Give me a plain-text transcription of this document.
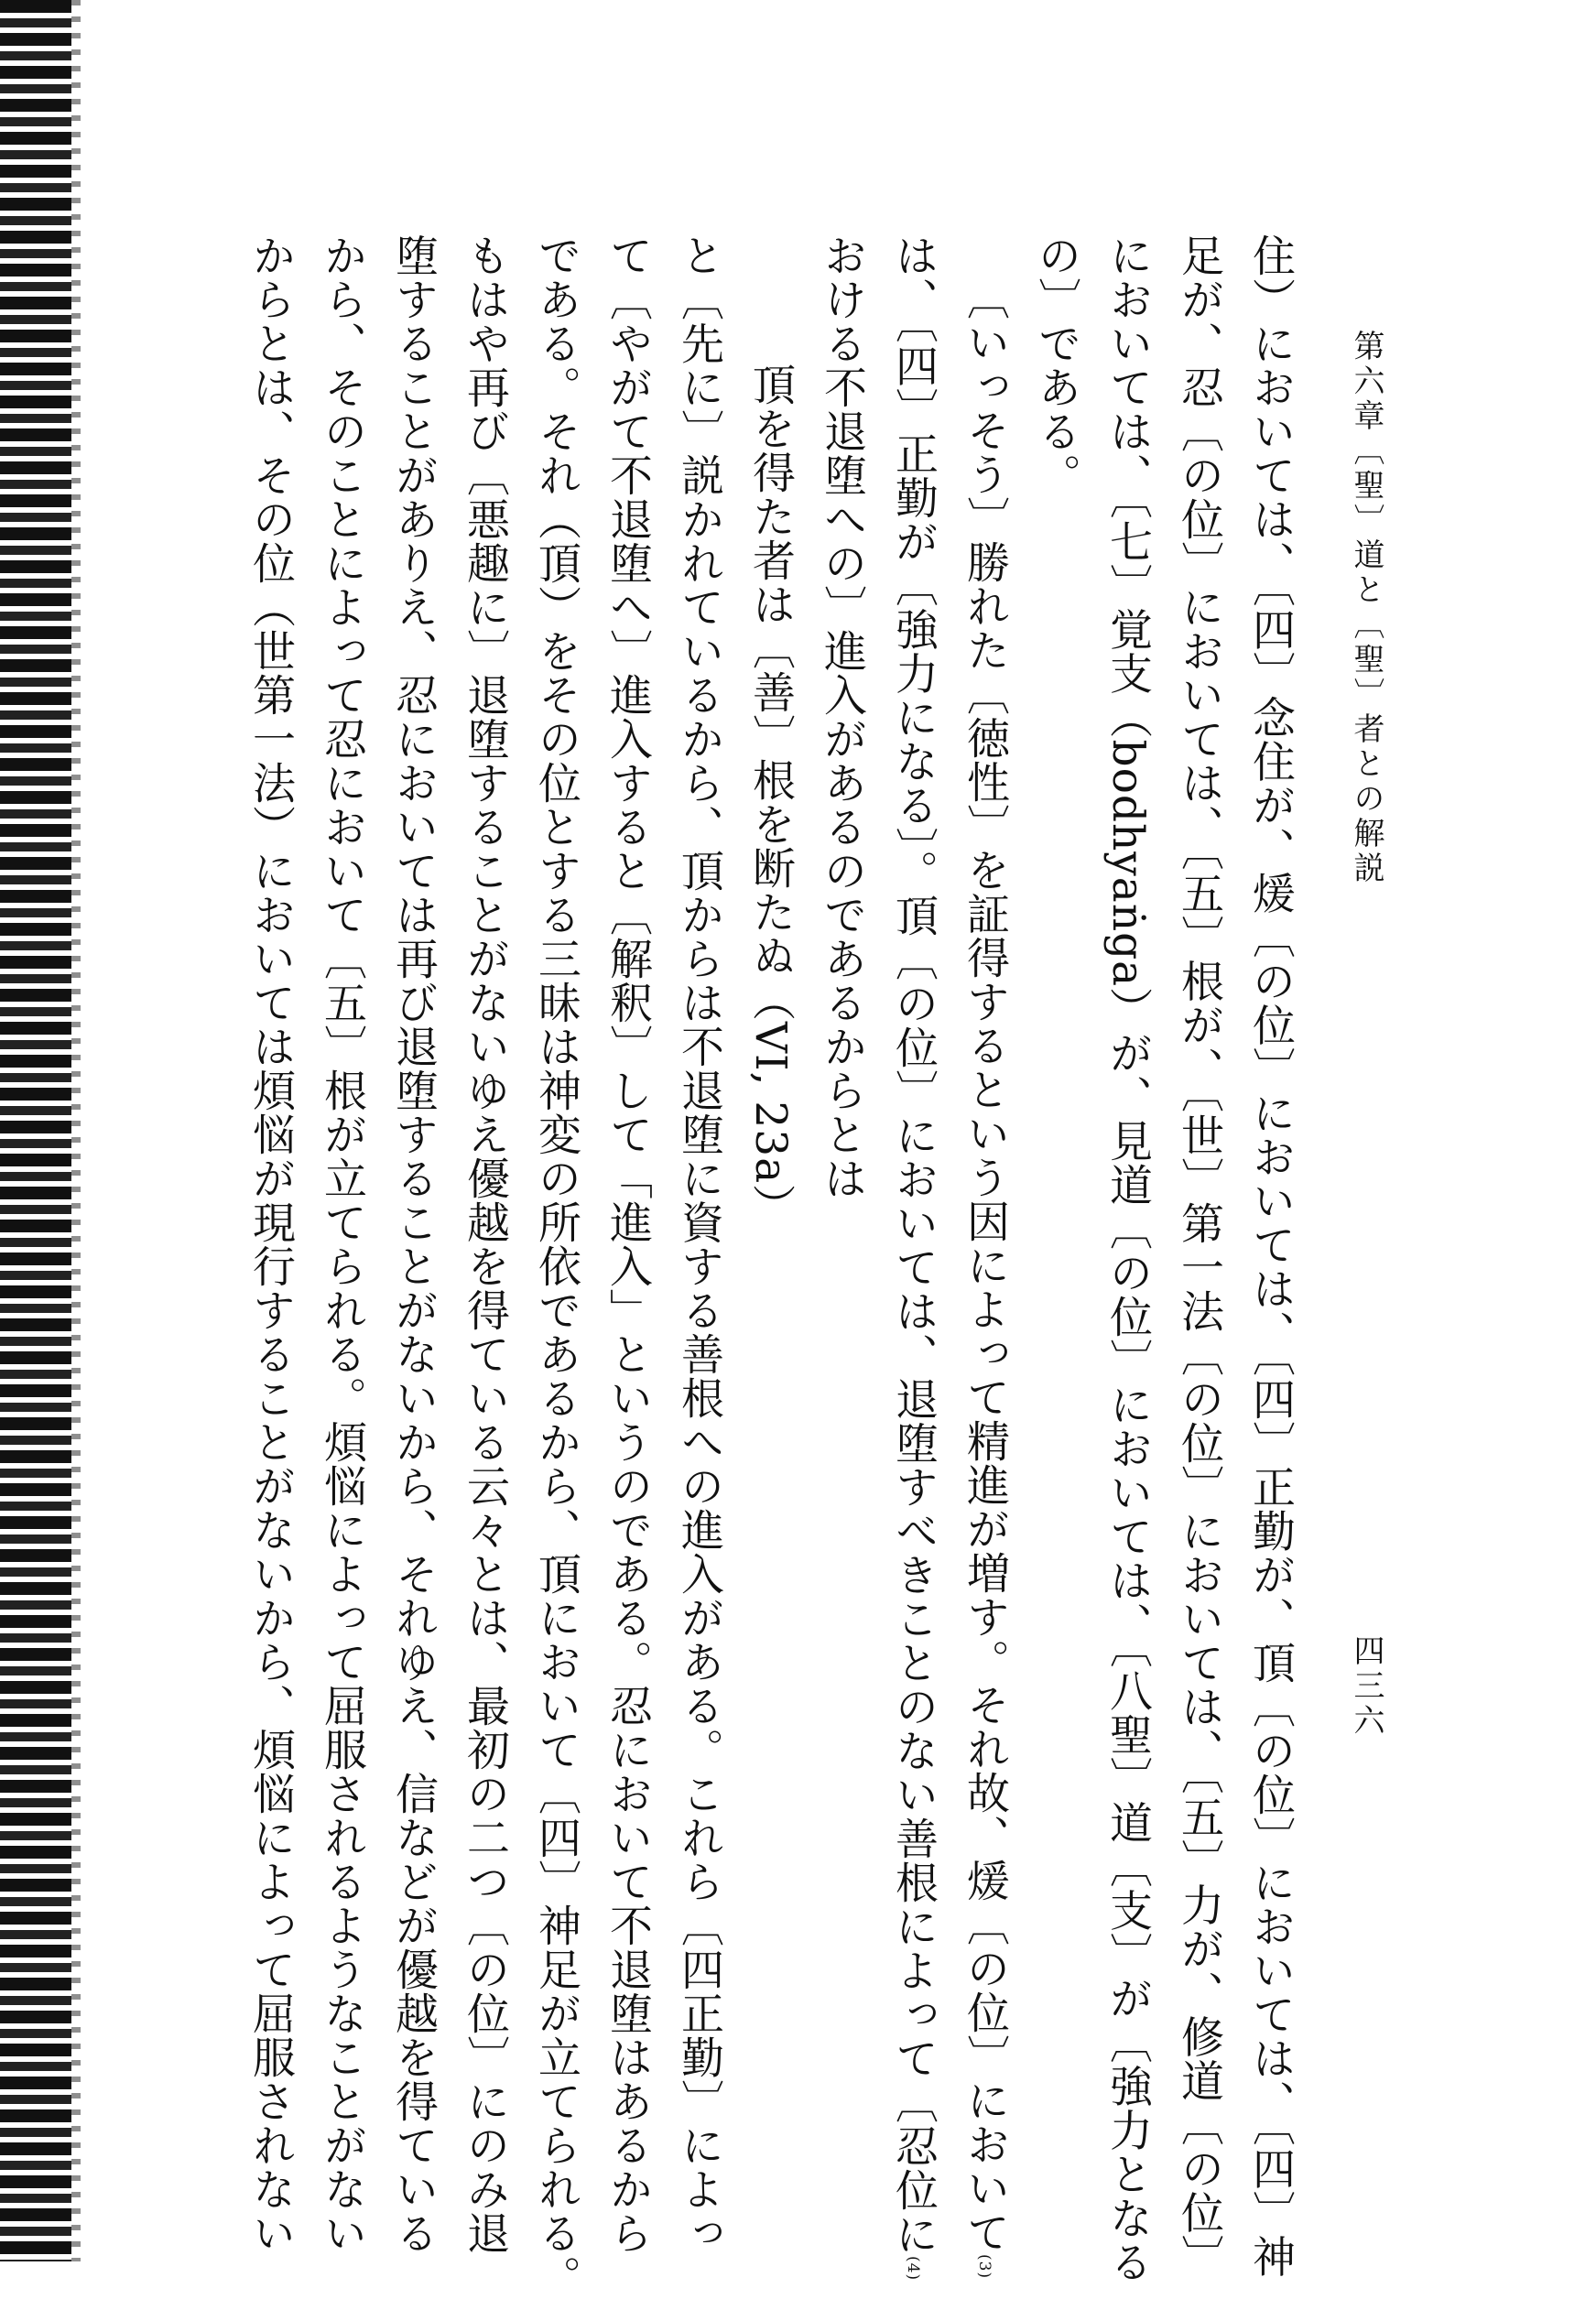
第六章〔聖〕道と〔聖〕者との解説
四三六
住）においては、〔四〕念住が、煖〔の位〕においては、〔四〕正勤が、頂〔の位〕においては、〔四〕神
足が、忍〔の位〕においては、〔五〕根が、〔世〕第一法〔の位〕においては、〔五〕力が、修道〔の位〕
においては、〔七〕覚支（bodhyaṅga）が、見道〔の位〕においては、〔八聖〕道〔支〕が〔強力となる
の〕である。
〔いっそう〕勝れた〔徳性〕を証得するという因によって精進が増す。それ故、煖〔の位〕において$^{(3)}$
は、〔四〕正勤が〔強力になる〕。頂〔の位〕においては、退堕すべきことのない善根によって〔忍位に$^{(4)}$
おける不退堕への〕進入があるのであるからとは
頂を得た者は〔善〕根を断たぬ（VI, 23a）
と〔先に〕説かれているから、頂からは不退堕に資する善根への進入がある。これら〔四正勤〕によっ
て〔やがて不退堕へ〕進入すると〔解釈〕して「進入」というのである。忍において不退堕はあるから
である。それ（頂）をその位とする三昧は神変の所依であるから、頂において〔四〕神足が立てられる。
もはや再び〔悪趣に〕退堕することがないゆえ優越を得ている云々とは、最初の二つ〔の位〕にのみ退
堕することがありえ、忍においては再び退堕することがないから、それゆえ、信などが優越を得ている
から、そのことによって忍において〔五〕根が立てられる。煩悩によって屈服されるようなことがない
からとは、その位（世第一法）においては煩悩が現行することがないから、煩悩によって屈服されない
